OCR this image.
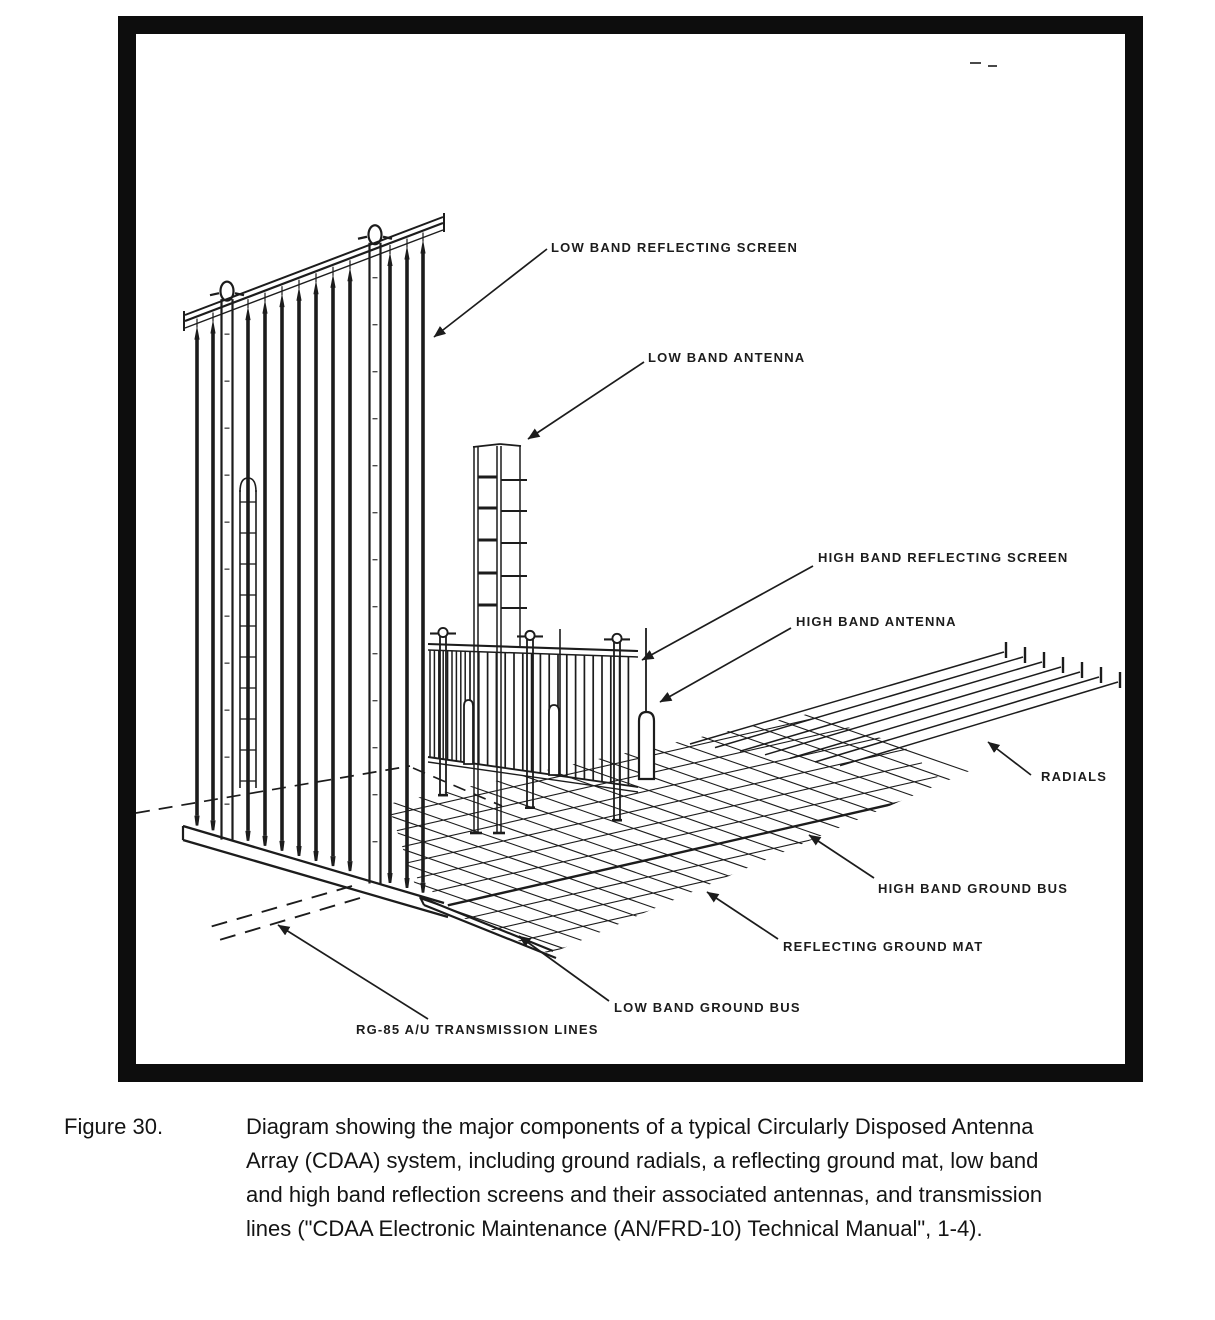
LOW BAND REFLECTING SCREEN
LOW BAND ANTENNA
HIGH BAND REFLECTING SCREEN
HIGH BAND ANTENNA
RADIALS
HIGH BAND GROUND BUS
REFLECTING GROUND MAT
LOW BAND GROUND BUS
RG-85 A/U TRANSMISSION LINES
Figure 30.	Diagram showing the major components of a typical Circularly Disposed Antenna
Array (CDAA) system, including ground radials, a reflecting ground mat, low band
and high band reflection screens and their associated antennas, and transmission
lines ("CDAA Electronic Maintenance (AN/FRD-10) Technical Manual", 1-4).
